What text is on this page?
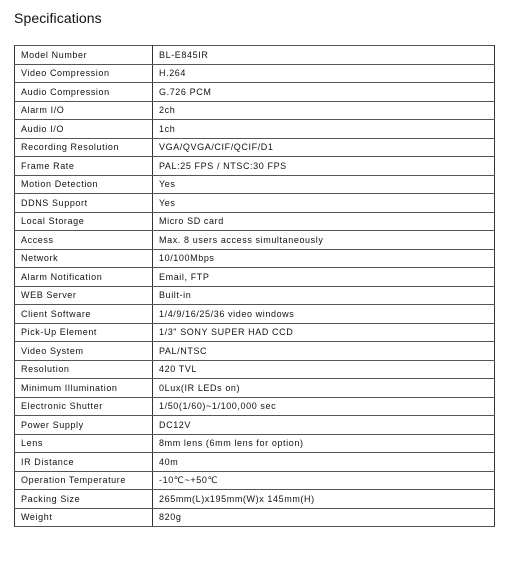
Specifications
Model Number	BL-E845IR
Video Compression	H.264
Audio Compression	G.726 PCM
Alarm I/O	2ch
Audio I/O	1ch
Recording Resolution	VGA/QVGA/CIF/QCIF/D1
Frame Rate	PAL:25 FPS / NTSC:30 FPS
Motion Detection	Yes
DDNS Support	Yes
Local Storage	Micro SD card
Access	Max. 8 users access simultaneously
Network	10/100Mbps
Alarm Notification	Email, FTP
WEB Server	Built-in
Client Software	1/4/9/16/25/36 video windows
Pick-Up Element	1/3" SONY SUPER HAD CCD
Video System	PAL/NTSC
Resolution	420 TVL
Minimum Illumination	0Lux(IR LEDs on)
Electronic Shutter	1/50(1/60)~1/100,000 sec
Power Supply	DC12V
Lens	8mm lens (6mm lens for option)
IR Distance	40m
Operation Temperature	-10℃~+50℃
Packing Size	265mm(L)x195mm(W)x 145mm(H)
Weight	820g
